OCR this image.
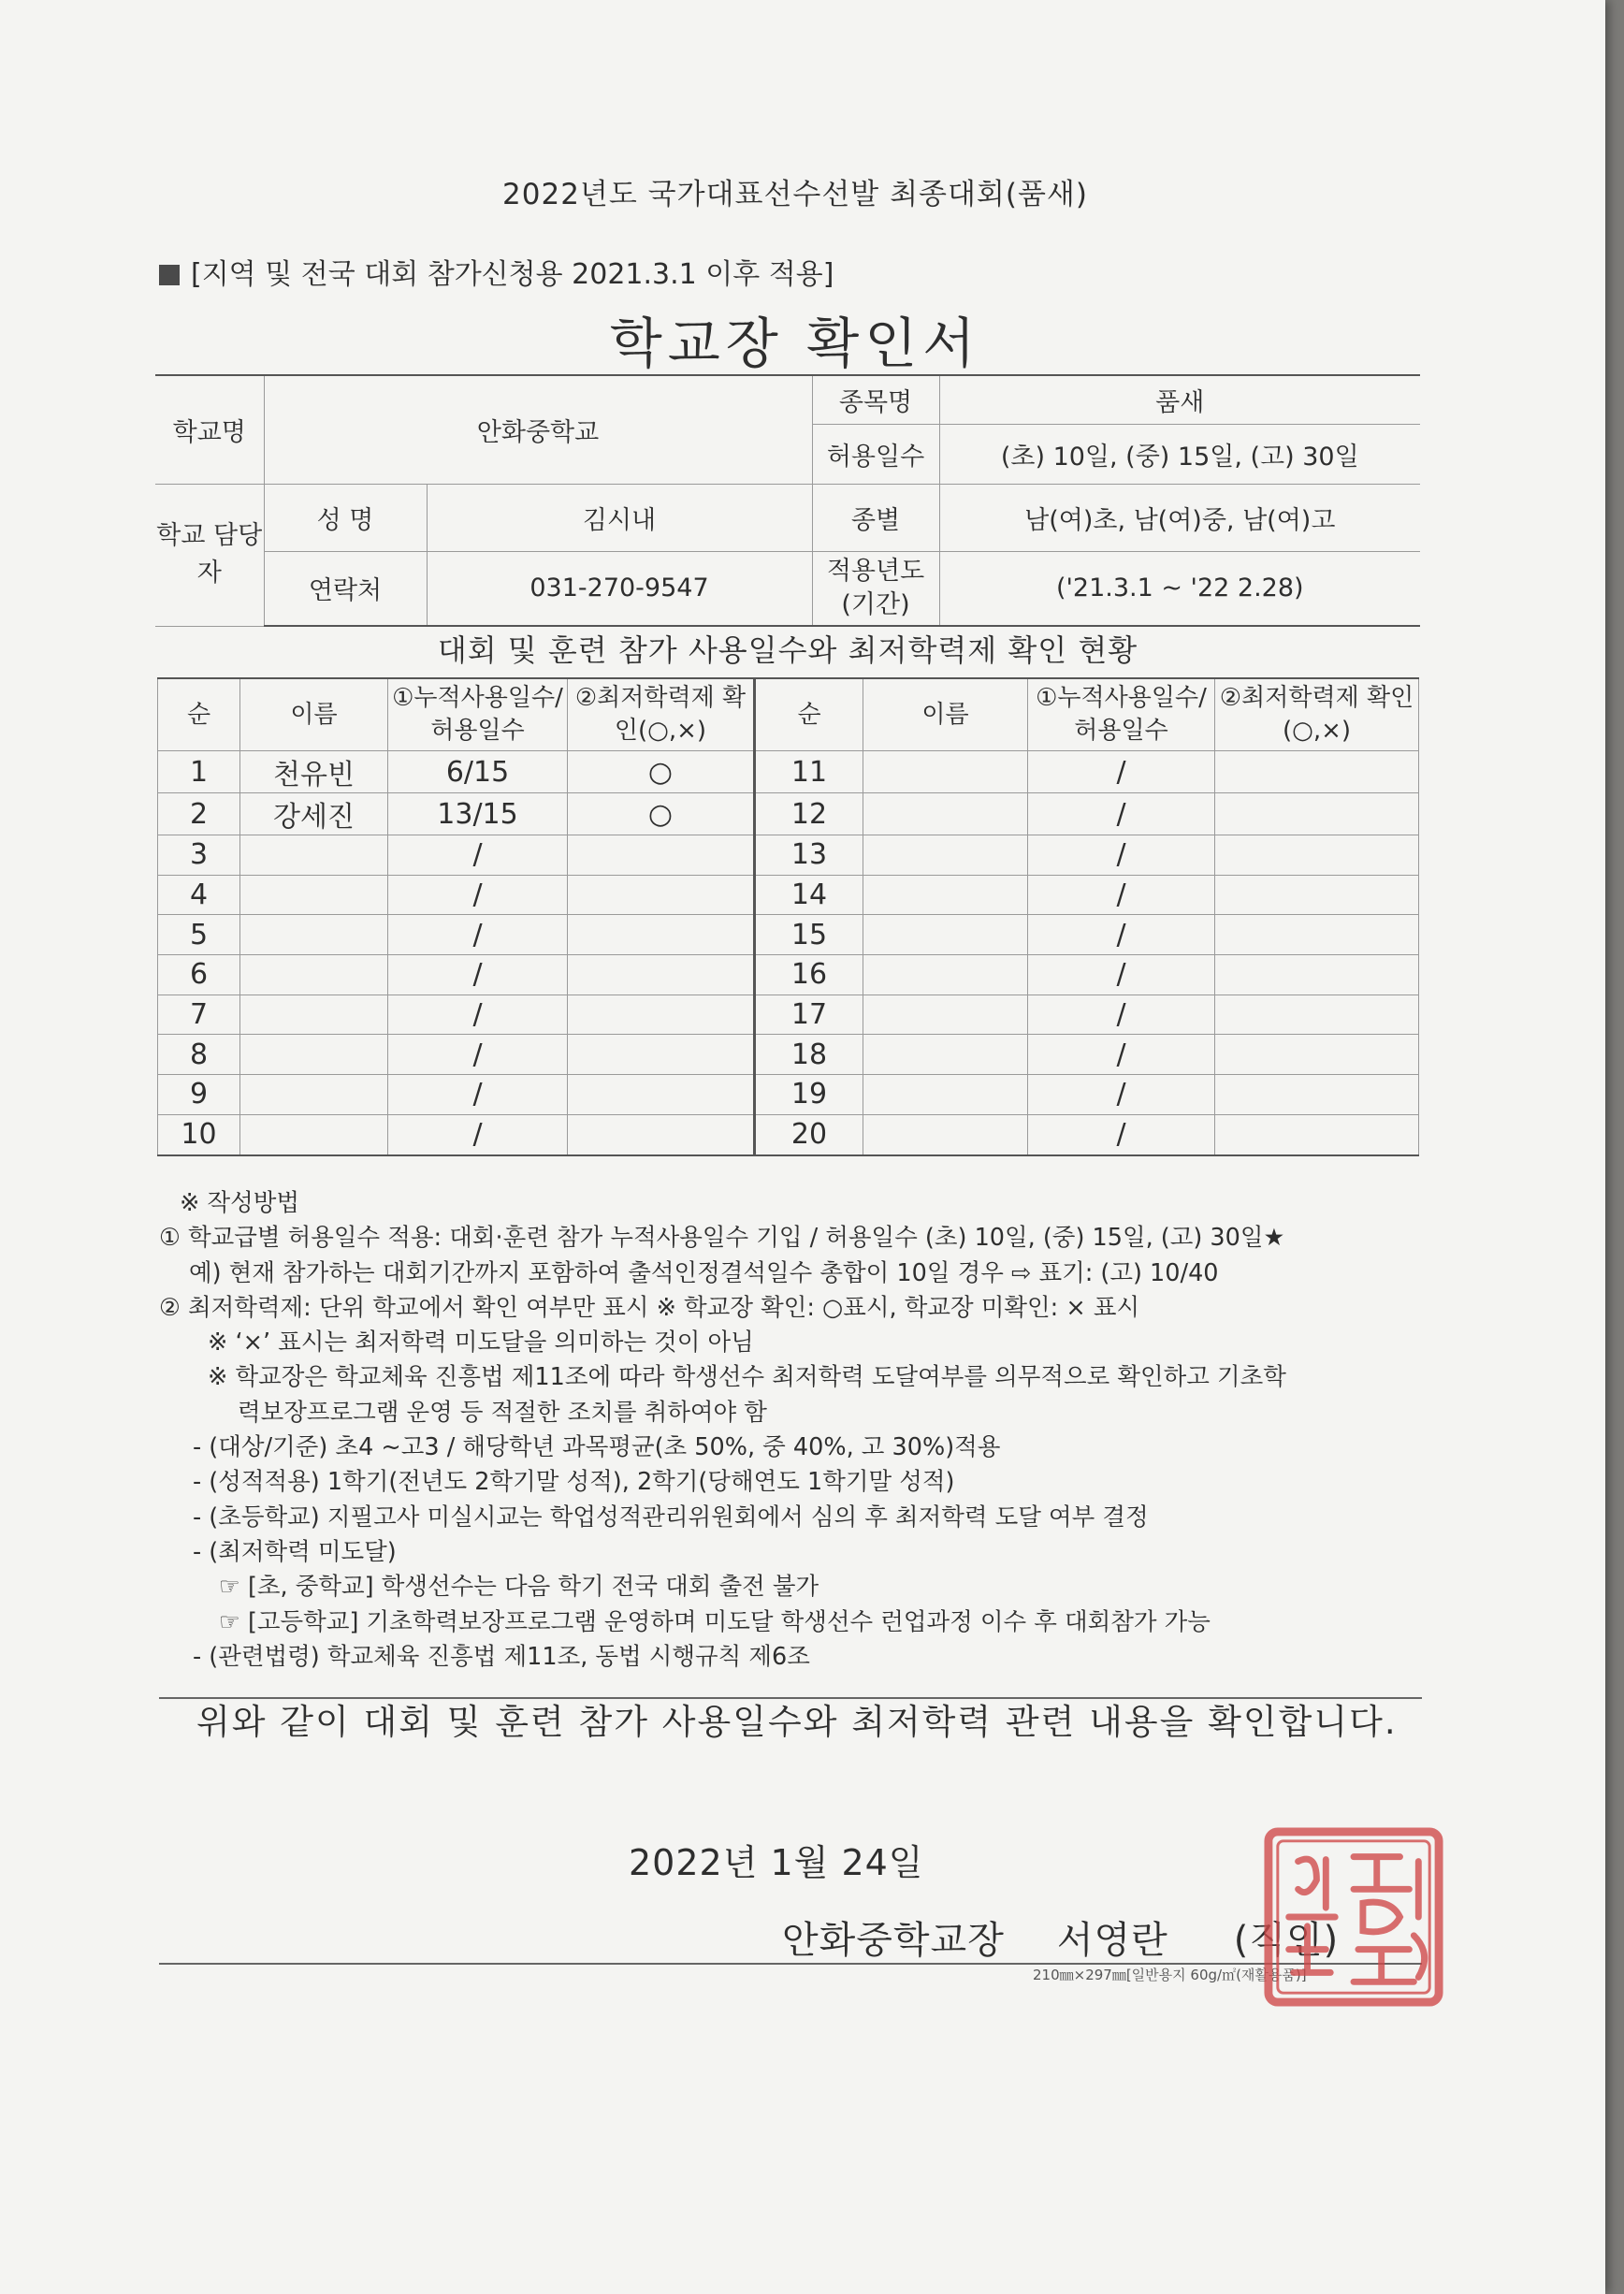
2022년도 국가대표선수선발 최종대회(품새)
[지역 및 전국 대회 참가신청용 2021.3.1 이후 적용]
학교장 확인서
학교명	안화중학교		종목명	품새
			허용일수	(초) 10일, (중) 15일, (고) 30일
학교 담당자	성 명	김시내	종별	남(여)초, 남(여)중, 남(여)고
	연락처	031-270-9547	적용년도 (기간)	('21.3.1 ~ '22 2.28)
대회 및 훈련 참가 사용일수와 최저학력제 확인 현황
순	이름	①누적사용일수/ 허용일수	②최저학력제 확인(○,×)	순	이름	①누적사용일수/ 허용일수	②최저학력제 확인(○,×)
1	천유빈	6/15	○	11		/	
2	강세진	13/15	○	12		/	
3		/		13		/	
4		/		14		/	
5		/		15		/	
6		/		16		/	
7		/		17		/	
8		/		18		/	
9		/		19		/	
10		/		20		/	
※ 작성방법
① 학교급별 허용일수 적용: 대회·훈련 참가 누적사용일수 기입 / 허용일수 (초) 10일, (중) 15일, (고) 30일★
예) 현재 참가하는 대회기간까지 포함하여 출석인정결석일수 총합이 10일 경우 ⇨ 표기: (고) 10/40
② 최저학력제: 단위 학교에서 확인 여부만 표시 ※ 학교장 확인: ○표시, 학교장 미확인: × 표시
※ ‘×’ 표시는 최저학력 미도달을 의미하는 것이 아님
※ 학교장은 학교체육 진흥법 제11조에 따라 학생선수 최저학력 도달여부를 의무적으로 확인하고 기초학
력보장프로그램 운영 등 적절한 조치를 취하여야 함
- (대상/기준) 초4 ~고3 / 해당학년 과목평균(초 50%, 중 40%, 고 30%)적용
- (성적적용) 1학기(전년도 2학기말 성적), 2학기(당해연도 1학기말 성적)
- (초등학교) 지필고사 미실시교는 학업성적관리위원회에서 심의 후 최저학력 도달 여부 결정
- (최저학력 미도달)
☞ [초, 중학교] 학생선수는 다음 학기 전국 대회 출전 불가
☞ [고등학교] 기초학력보장프로그램 운영하며 미도달 학생선수 런업과정 이수 후 대회참가 가능
- (관련법령) 학교체육 진흥법 제11조, 동법 시행규칙 제6조
위와 같이 대회 및 훈련 참가 사용일수와 최저학력 관련 내용을 확인합니다.
2022년 1월 24일
안화중학교장 서영란 (직인)
210㎜×297㎜[일반용지 60g/㎡(재활용품)]
